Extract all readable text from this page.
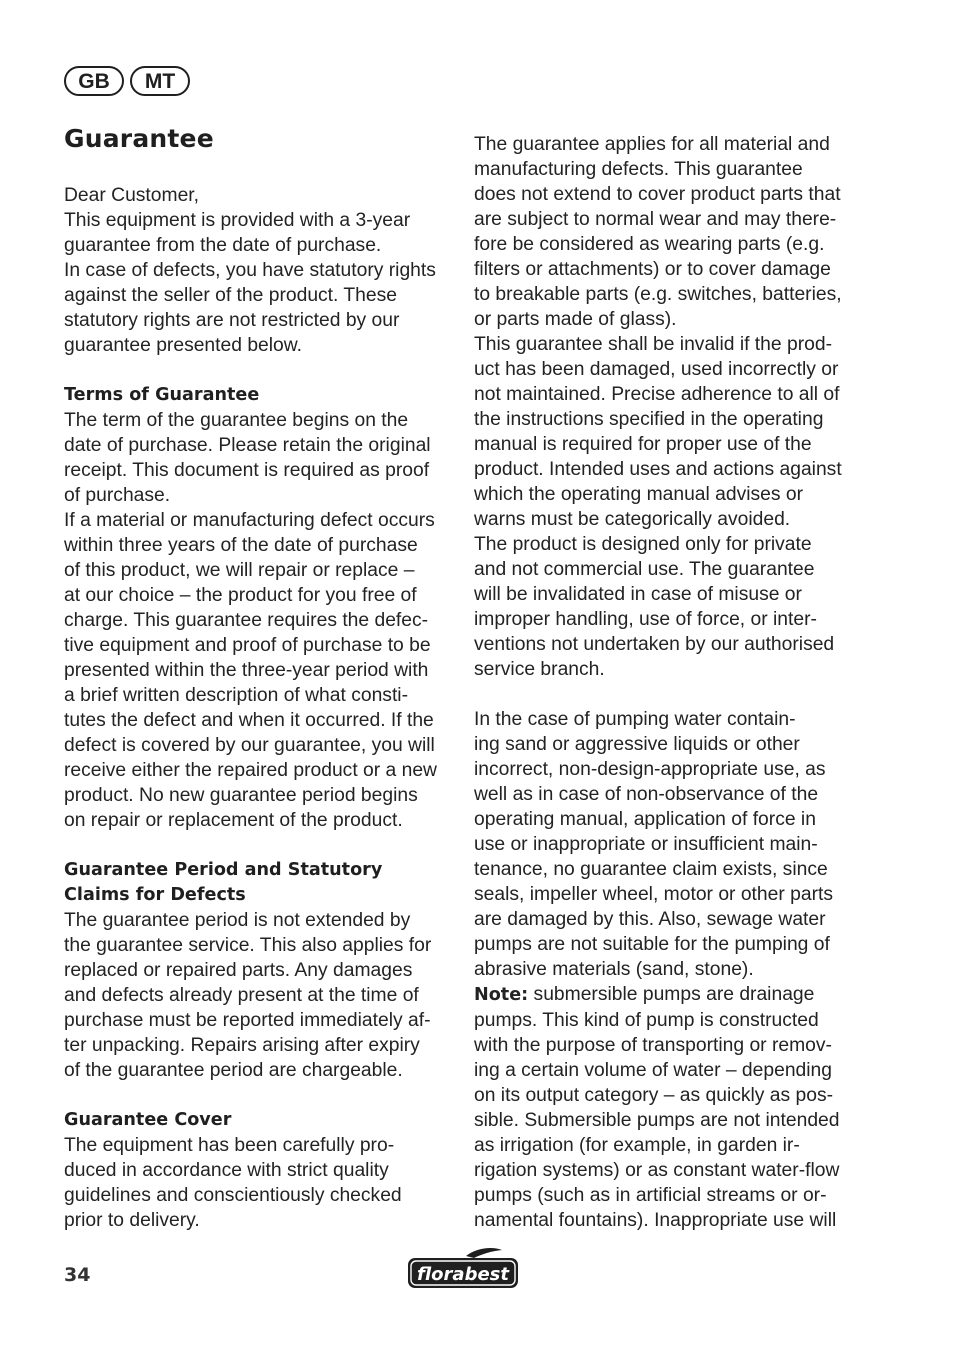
GB	MT
Guarantee

Dear Customer,
This equipment is provided with a 3-year
guarantee from the date of purchase.
In case of defects, you have statutory rights
against the seller of the product. These
statutory rights are not restricted by our
guarantee presented below.

Terms of Guarantee

The term of the guarantee begins on the
date of purchase. Please retain the original
receipt. This document is required as proof
of purchase.
If a material or manufacturing defect occurs
within three years of the date of purchase
of this product, we will repair or replace –
at our choice – the product for you free of
charge. This guarantee requires the defec-
tive equipment and proof of purchase to be
presented within the three-year period with
a brief written description of what consti-
tutes the defect and when it occurred. If the
defect is covered by our guarantee, you will
receive either the repaired product or a new
product. No new guarantee period begins
on repair or replacement of the product.

Guarantee Period and Statutory
Claims for Defects

The guarantee period is not extended by
the guarantee service. This also applies for
replaced or repaired parts. Any damages
and defects already present at the time of
purchase must be reported immediately af-
ter unpacking. Repairs arising after expiry
of the guarantee period are chargeable.

Guarantee Cover

The equipment has been carefully pro-
duced in accordance with strict quality
guidelines and conscientiously checked
prior to delivery.

The guarantee applies for all material and
manufacturing defects. This guarantee
does not extend to cover product parts that
are subject to normal wear and may there-
fore be considered as wearing parts (e.g.
filters or attachments) or to cover damage
to breakable parts (e.g. switches, batteries,
or parts made of glass).
This guarantee shall be invalid if the prod-
uct has been damaged, used incorrectly or
not maintained. Precise adherence to all of
the instructions specified in the operating
manual is required for proper use of the
product. Intended uses and actions against
which the operating manual advises or
warns must be categorically avoided.
The product is designed only for private
and not commercial use. The guarantee
will be invalidated in case of misuse or
improper handling, use of force, or inter-
ventions not undertaken by our authorised
service branch.

In the case of pumping water contain-
ing sand or aggressive liquids or other
incorrect, non-design-appropriate use, as
well as in case of non-observance of the
operating manual, application of force in
use or inappropriate or insufficient main-
tenance, no guarantee claim exists, since
seals, impeller wheel, motor or other parts
are damaged by this. Also, sewage water
pumps are not suitable for the pumping of
abrasive materials (sand, stone).

Note: submersible pumps are drainage
pumps. This kind of pump is constructed
with the purpose of transporting or remov-
ing a certain volume of water – depending
on its output category – as quickly as pos-
sible. Submersible pumps are not intended
as irrigation (for example, in garden ir-
rigation systems) or as constant water-flow
pumps (such as in artificial streams or or-
namental fountains). Inappropriate use will

34	florabest
